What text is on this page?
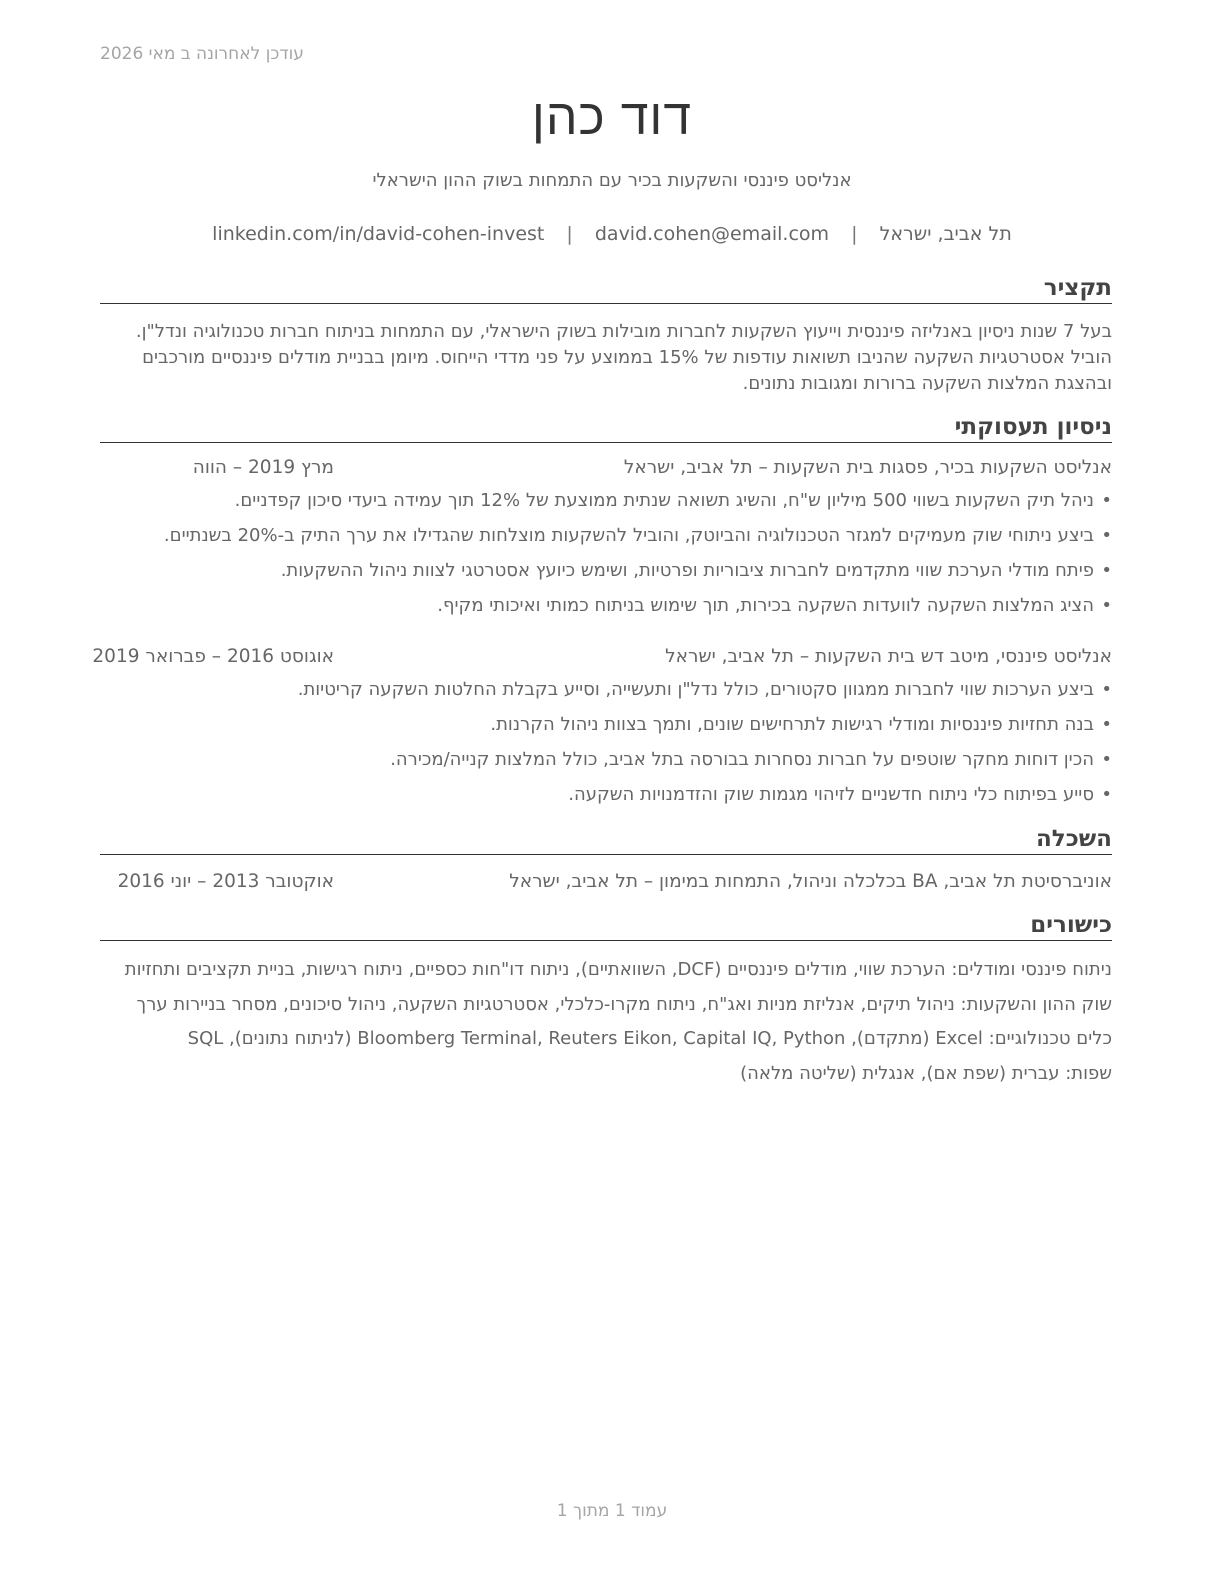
עודכן לאחרונה ב מאי 2026
דוד כהן
אנליסט פיננסי והשקעות בכיר עם התמחות בשוק ההון הישראלי
תל אביב, ישראל | david.cohen@email.com | linkedin.com/in/david-cohen-invest
תקציר
בעל 7 שנות ניסיון באנליזה פיננסית וייעוץ השקעות לחברות מובילות בשוק הישראלי, עם התמחות בניתוח חברות טכנולוגיה ונדל"ן.
הוביל אסטרטגיות השקעה שהניבו תשואות עודפות של 15% בממוצע על פני מדדי הייחוס. מיומן בבניית מודלים פיננסיים מורכבים
ובהצגת המלצות השקעה ברורות ומגובות נתונים.
ניסיון תעסוקתי
אנליסט השקעות בכיר, פסגות בית השקעות – תל אביב, ישראל
מרץ 2019 – הווה
• ניהל תיק השקעות בשווי 500 מיליון ש"ח, והשיג תשואה שנתית ממוצעת של 12% תוך עמידה ביעדי סיכון קפדניים.
• ביצע ניתוחי שוק מעמיקים למגזר הטכנולוגיה והביוטק, והוביל להשקעות מוצלחות שהגדילו את ערך התיק ב-20% בשנתיים.
• פיתח מודלי הערכת שווי מתקדמים לחברות ציבוריות ופרטיות, ושימש כיועץ אסטרטגי לצוות ניהול ההשקעות.
• הציג המלצות השקעה לוועדות השקעה בכירות, תוך שימוש בניתוח כמותי ואיכותי מקיף.
אנליסט פיננסי, מיטב דש בית השקעות – תל אביב, ישראל
אוגוסט 2016 – פברואר 2019
• ביצע הערכות שווי לחברות ממגוון סקטורים, כולל נדל"ן ותעשייה, וסייע בקבלת החלטות השקעה קריטיות.
• בנה תחזיות פיננסיות ומודלי רגישות לתרחישים שונים, ותמך בצוות ניהול הקרנות.
• הכין דוחות מחקר שוטפים על חברות נסחרות בבורסה בתל אביב, כולל המלצות קנייה/מכירה.
• סייע בפיתוח כלי ניתוח חדשניים לזיהוי מגמות שוק והזדמנויות השקעה.
השכלה
אוניברסיטת תל אביב, BA בכלכלה וניהול, התמחות במימון – תל אביב, ישראל
אוקטובר 2013 – יוני 2016
כישורים
ניתוח פיננסי ומודלים: הערכת שווי, מודלים פיננסיים (DCF, השוואתיים), ניתוח דו"חות כספיים, ניתוח רגישות, בניית תקציבים ותחזיות
שוק ההון והשקעות: ניהול תיקים, אנליזת מניות ואג"ח, ניתוח מקרו-כלכלי, אסטרטגיות השקעה, ניהול סיכונים, מסחר בניירות ערך
כלים טכנולוגיים: Excel (מתקדם), Bloomberg Terminal, Reuters Eikon, Capital IQ, Python (לניתוח נתונים), SQL
שפות: עברית (שפת אם), אנגלית (שליטה מלאה)
עמוד 1 מתוך 1
